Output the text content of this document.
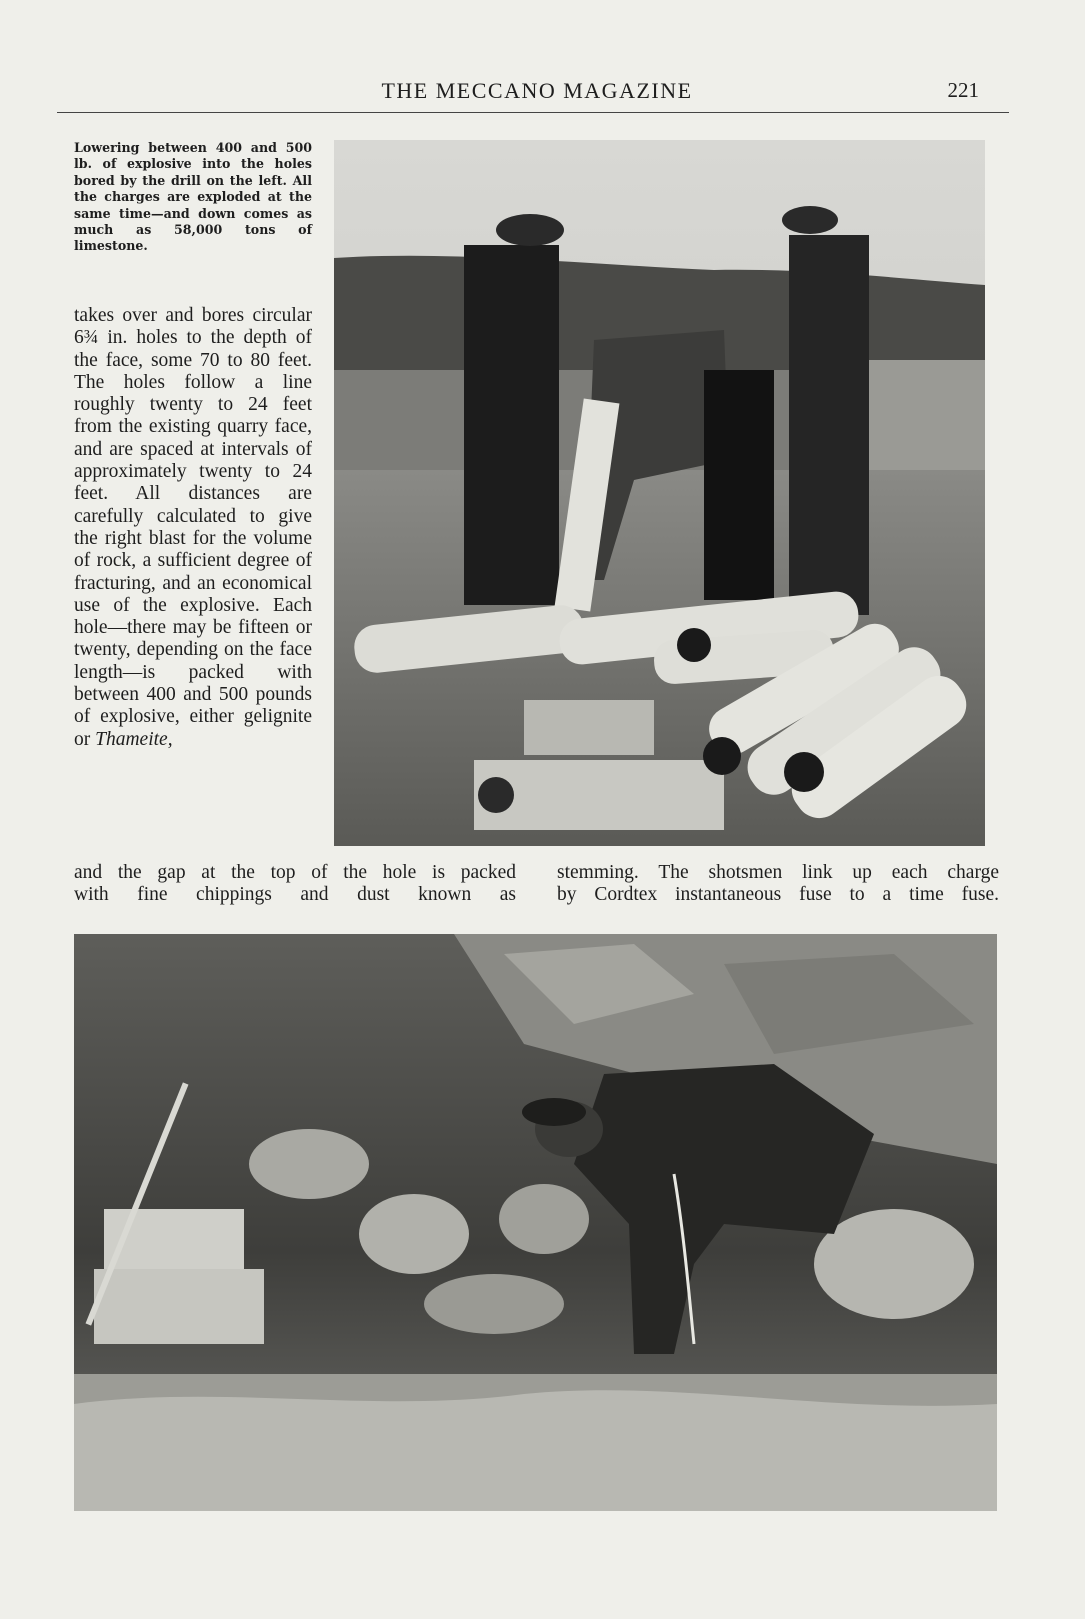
THE MECCANO MAGAZINE	221
Lowering between 400 and 500 lb. of explosive into the holes bored by the drill on the left. All the charges are exploded at the same time—and down comes as much as 58,000 tons of limestone.
takes over and bores circular 6¾ in. holes to the depth of the face, some 70 to 80 feet. The holes follow a line roughly twenty to 24 feet from the existing quarry face, and are spaced at intervals of approximately twenty to 24 feet. All distances are carefully calculated to give the right blast for the volume of rock, a sufficient degree of fracturing, and an economical use of the explosive. Each hole—there may be fifteen or twenty, depending on the face length—is packed with between 400 and 500 pounds of explosive, either gelignite or Thameite,
and the gap at the top of the hole is packed
with fine chippings and dust known as
stemming. The shotsmen link up each charge
by Cordtex instantaneous fuse to a time fuse.
